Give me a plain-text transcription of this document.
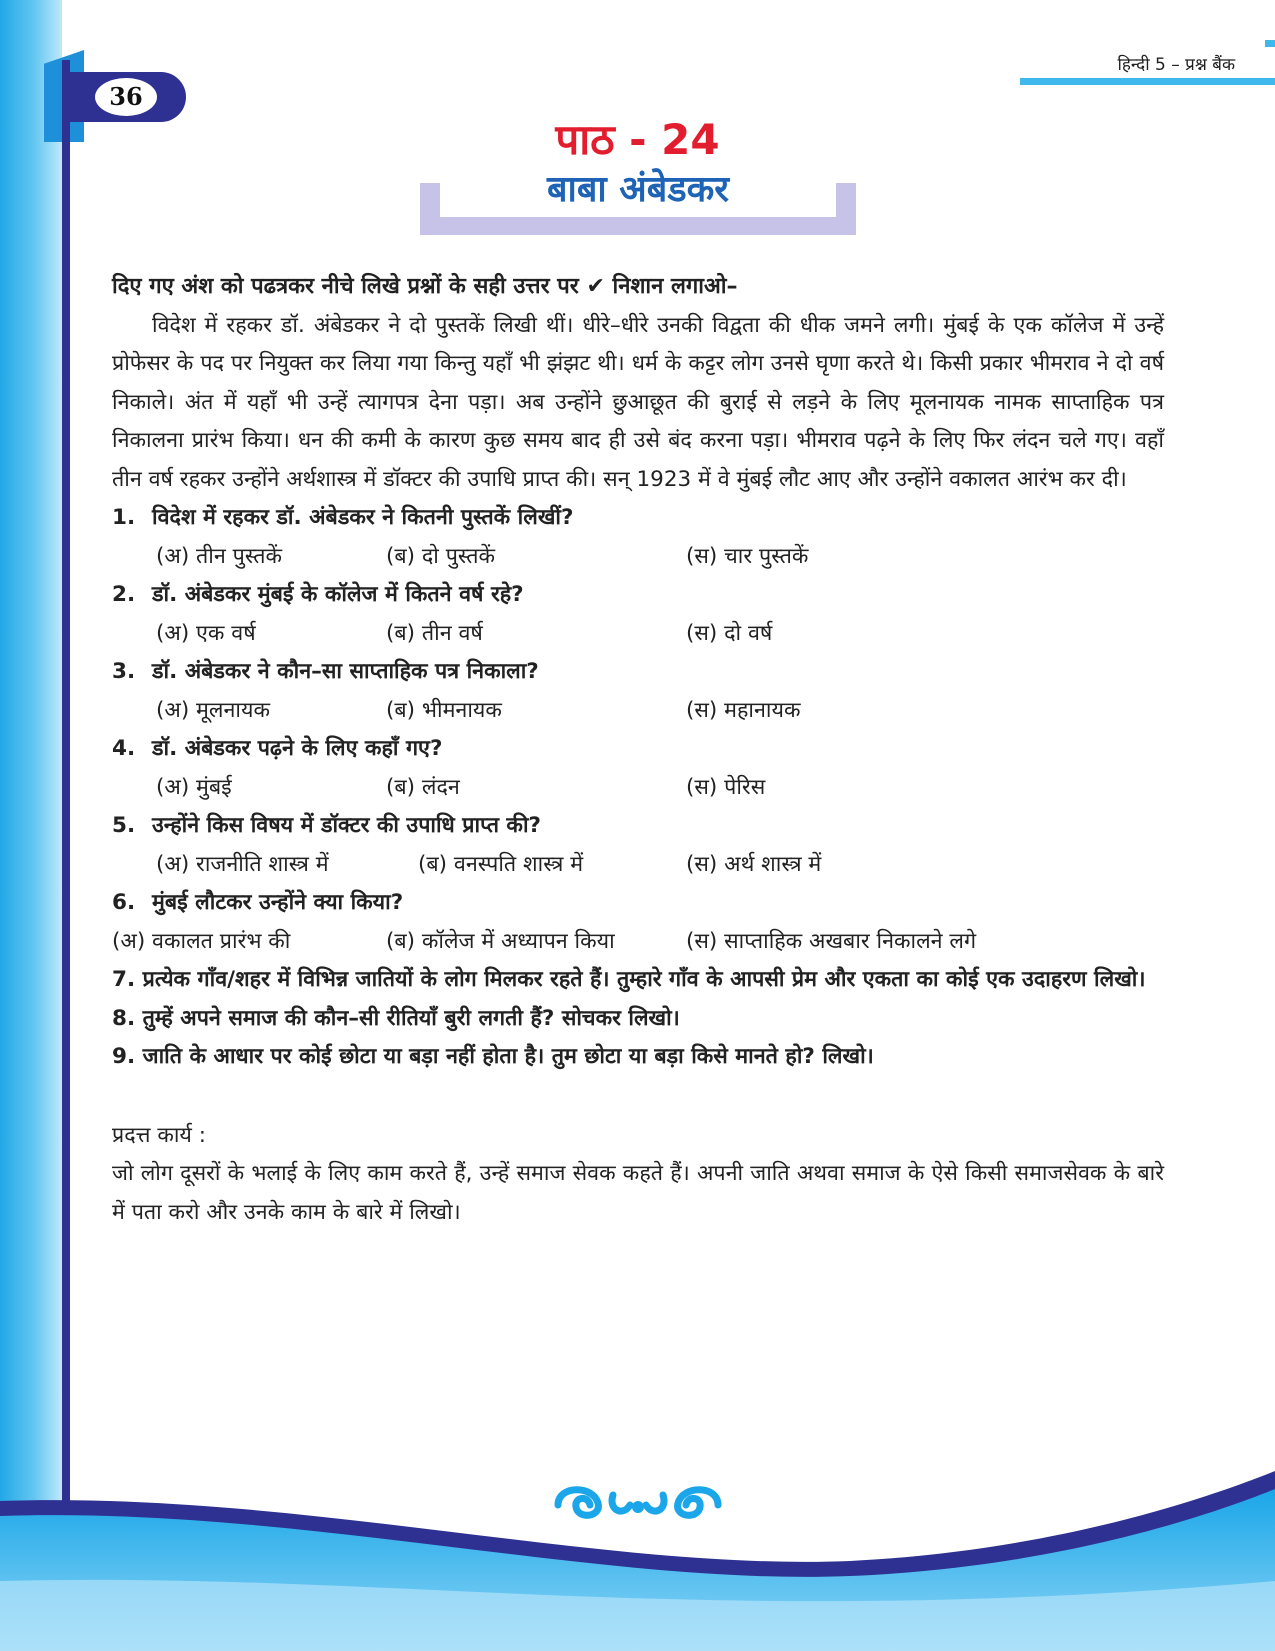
36
हिन्दी 5 – प्रश्न बैंक
पाठ - 24
बाबा अंबेडकर
दिए गए अंश को पढत्रकर नीचे लिखे प्रश्नों के सही उत्तर पर ✔ निशान लगाओ–
विदेश में रहकर डॉ. अंबेडकर ने दो पुस्तकें लिखी थीं। धीरे–धीरे उनकी विद्वता की धीक जमने लगी। मुंबई के एक कॉलेज में उन्हें प्रोफेसर के पद पर नियुक्त कर लिया गया किन्तु यहाँ भी झंझट थी। धर्म के कट्टर लोग उनसे घृणा करते थे। किसी प्रकार भीमराव ने दो वर्ष निकाले। अंत में यहाँ भी उन्हें त्यागपत्र देना पड़ा। अब उन्होंने छुआछूत की बुराई से लड़ने के लिए मूलनायक नामक साप्ताहिक पत्र निकालना प्रारंभ किया। धन की कमी के कारण कुछ समय बाद ही उसे बंद करना पड़ा। भीमराव पढ़ने के लिए फिर लंदन चले गए। वहाँ तीन वर्ष रहकर उन्होंने अर्थशास्त्र में डॉक्टर की उपाधि प्राप्त की। सन् 1923 में वे मुंबई लौट आए और उन्होंने वकालत आरंभ कर दी।
1. विदेश में रहकर डॉ. अंबेडकर ने कितनी पुस्तकें लिखीं?
(अ) तीन पुस्तकें	(ब) दो पुस्तकें	(स) चार पुस्तकें
2. डॉ. अंबेडकर मुंबई के कॉलेज में कितने वर्ष रहे?
(अ) एक वर्ष	(ब) तीन वर्ष	(स) दो वर्ष
3. डॉ. अंबेडकर ने कौन–सा साप्ताहिक पत्र निकाला?
(अ) मूलनायक	(ब) भीमनायक	(स) महानायक
4. डॉ. अंबेडकर पढ़ने के लिए कहाँ गए?
(अ) मुंबई	(ब) लंदन	(स) पेरिस
5. उन्होंने किस विषय में डॉक्टर की उपाधि प्राप्त की?
(अ) राजनीति शास्त्र में	(ब) वनस्पति शास्त्र में	(स) अर्थ शास्त्र में
6. मुंबई लौटकर उन्होंने क्या किया?
(अ) वकालत प्रारंभ की	(ब) कॉलेज में अध्यापन किया	(स) साप्ताहिक अखबार निकालने लगे
7. प्रत्येक गाँव/शहर में विभिन्न जातियों के लोग मिलकर रहते हैं। तुम्हारे गाँव के आपसी प्रेम और एकता का कोई एक उदाहरण लिखो।
8. तुम्हें अपने समाज की कौन–सी रीतियाँ बुरी लगती हैं? सोचकर लिखो।
9. जाति के आधार पर कोई छोटा या बड़ा नहीं होता है। तुम छोटा या बड़ा किसे मानते हो? लिखो।
प्रदत्त कार्य :
जो लोग दूसरों के भलाई के लिए काम करते हैं, उन्हें समाज सेवक कहते हैं। अपनी जाति अथवा समाज के ऐसे किसी समाजसेवक के बारे में पता करो और उनके काम के बारे में लिखो।
